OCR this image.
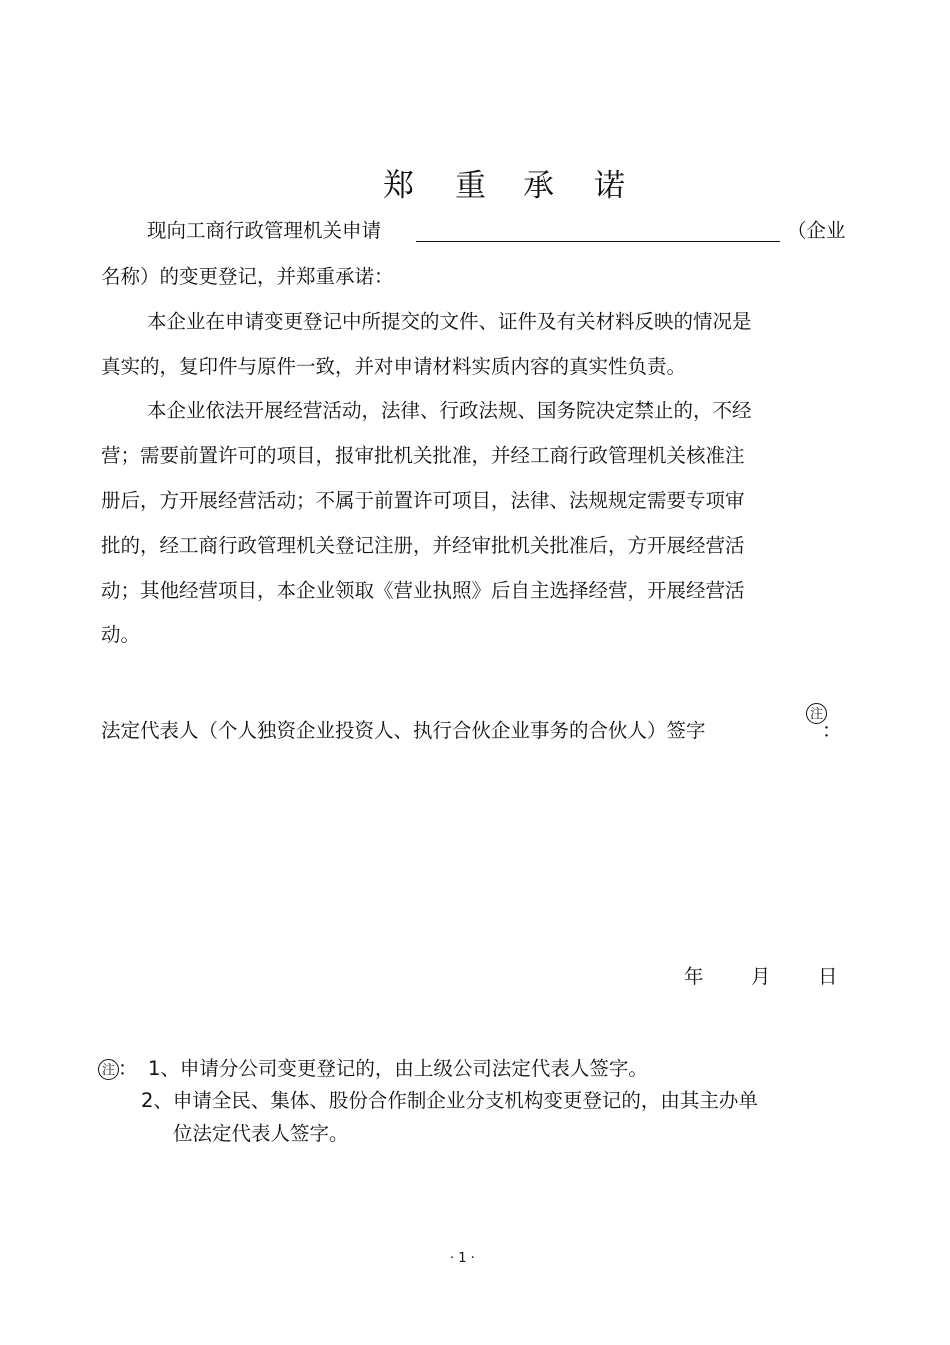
郑 重 承 诺
现向工商行政管理机关申请	（企业
名称）的变更登记，并郑重承诺：
本企业在申请变更登记中所提交的文件、证件及有关材料反映的情况是
真实的，复印件与原件一致，并对申请材料实质内容的真实性负责。
本企业依法开展经营活动，法律、行政法规、国务院决定禁止的，不经
营；需要前置许可的项目，报审批机关批准，并经工商行政管理机关核准注
册后，方开展经营活动；不属于前置许可项目，法律、法规规定需要专项审
批的，经工商行政管理机关登记注册，并经审批机关批准后，方开展经营活
动；其他经营项目，本企业领取《营业执照》后自主选择经营，开展经营活
动。
法定代表人（个人独资企业投资人、执行合伙企业事务的合伙人）签字
注
：
年 月 日
注 ： 1、申请分公司变更登记的，由上级公司法定代表人签字。
2、申请全民、集体、股份合作制企业分支机构变更登记的，由其主办单
位法定代表人签字。
· 1 ·
